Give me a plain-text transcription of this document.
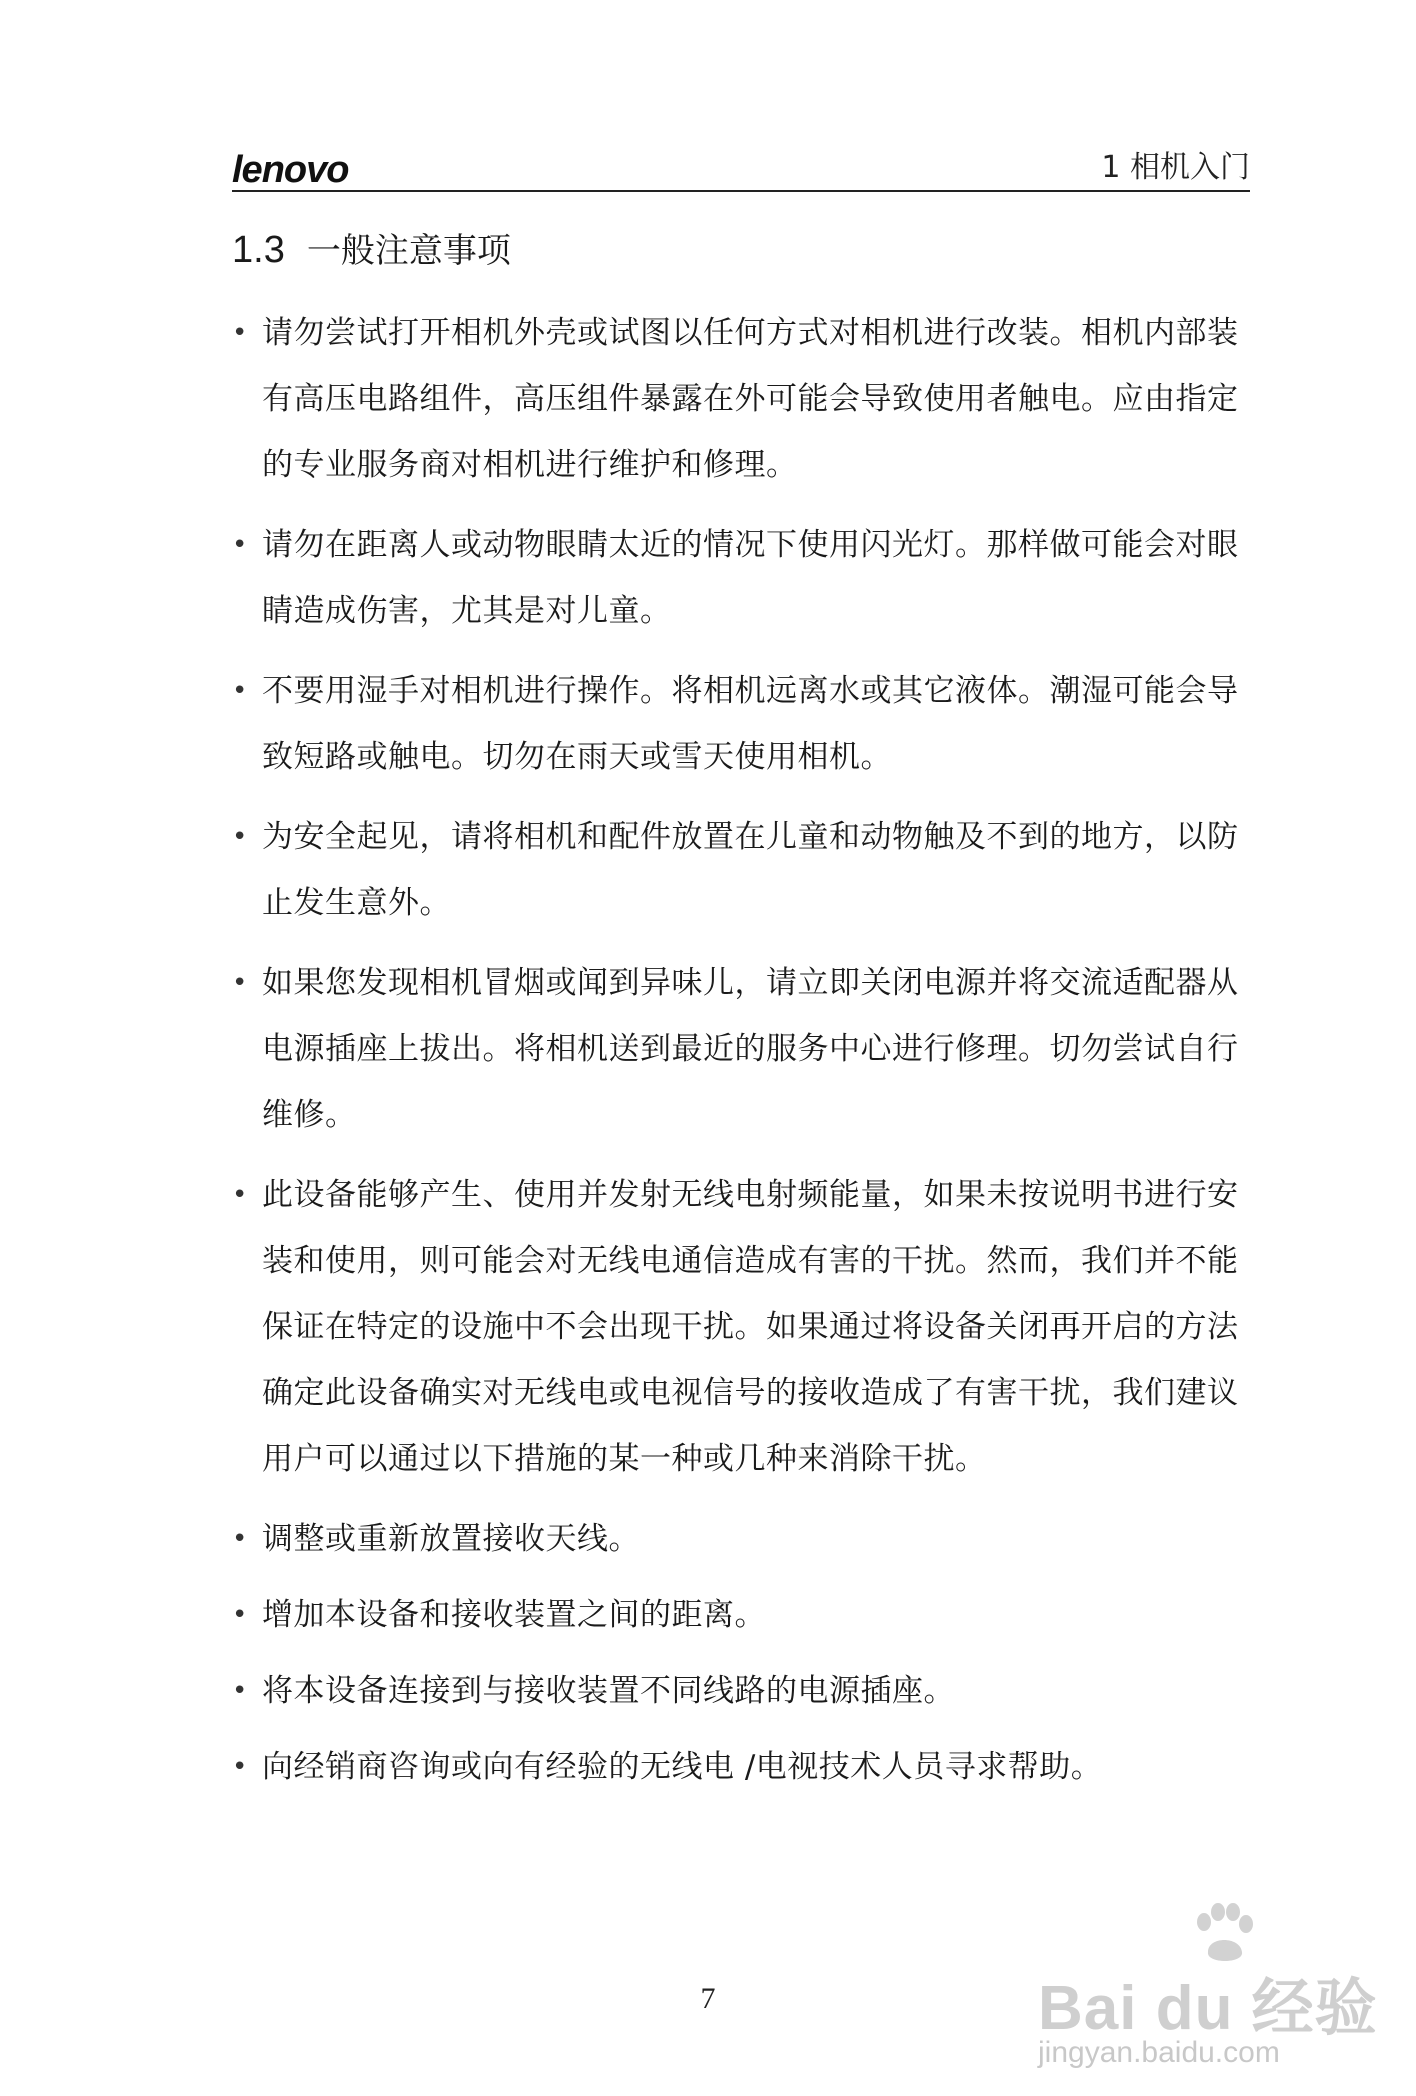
lenovo	1 相机入门
1.3 一般注意事项
• 请勿尝试打开相机外壳或试图以任何方式对相机进行改装。相机内部装有高压电路组件，高压组件暴露在外可能会导致使用者触电。应由指定的专业服务商对相机进行维护和修理。
• 请勿在距离人或动物眼睛太近的情况下使用闪光灯。那样做可能会对眼睛造成伤害，尤其是对儿童。
• 不要用湿手对相机进行操作。将相机远离水或其它液体。潮湿可能会导致短路或触电。切勿在雨天或雪天使用相机。
• 为安全起见，请将相机和配件放置在儿童和动物触及不到的地方，以防止发生意外。
• 如果您发现相机冒烟或闻到异味儿，请立即关闭电源并将交流适配器从电源插座上拔出。将相机送到最近的服务中心进行修理。切勿尝试自行维修。
• 此设备能够产生、使用并发射无线电射频能量，如果未按说明书进行安装和使用，则可能会对无线电通信造成有害的干扰。然而，我们并不能保证在特定的设施中不会出现干扰。如果通过将设备关闭再开启的方法确定此设备确实对无线电或电视信号的接收造成了有害干扰，我们建议用户可以通过以下措施的某一种或几种来消除干扰。
• 调整或重新放置接收天线。
• 增加本设备和接收装置之间的距离。
• 将本设备连接到与接收装置不同线路的电源插座。
• 向经销商咨询或向有经验的无线电 /电视技术人员寻求帮助。
7	Bai du 经验
jingyan.baidu.com
